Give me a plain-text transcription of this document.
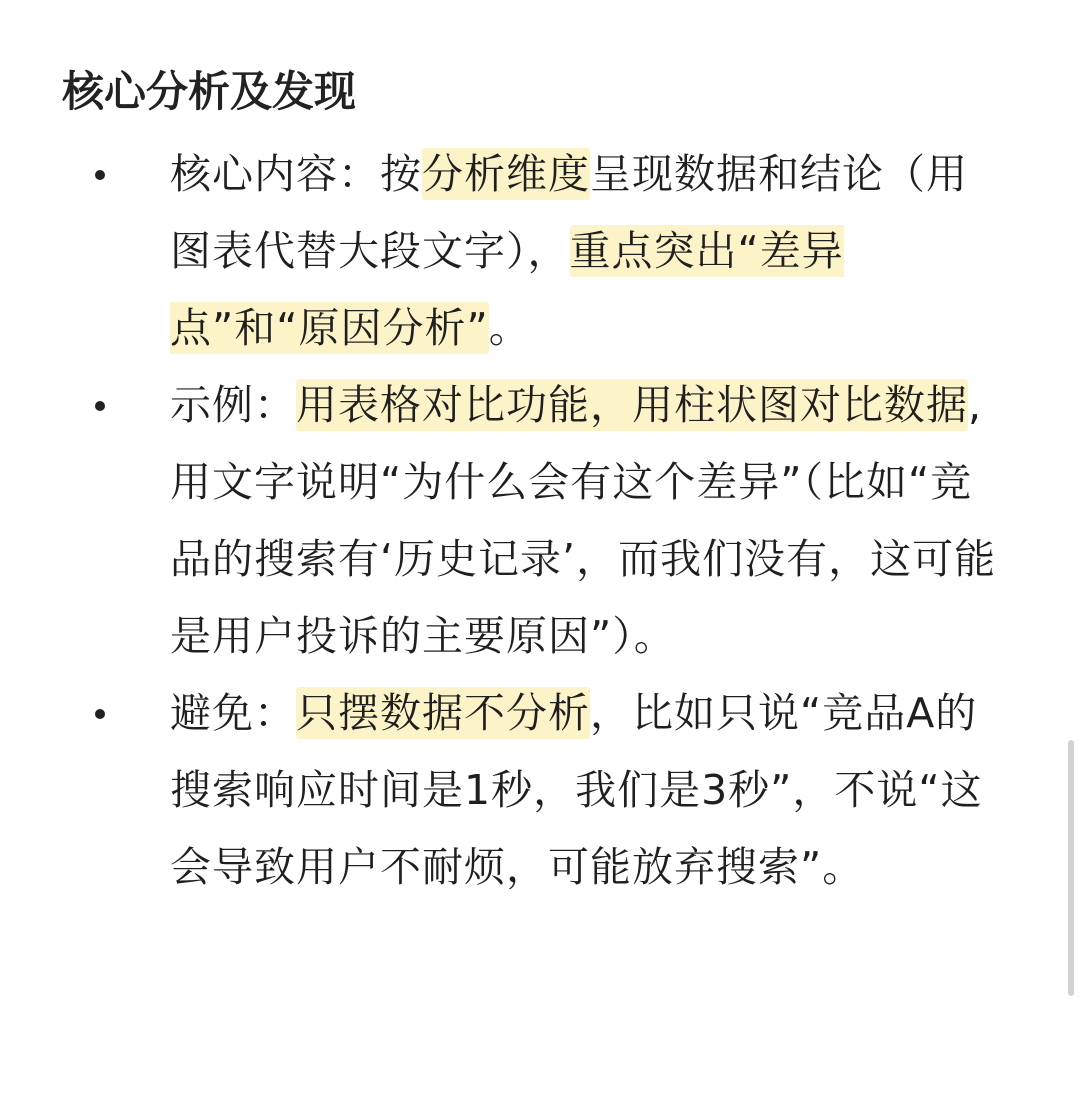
核心分析及发现
核心内容：按分析维度呈现数据和结论（用图表代替大段文字），重点突出“差异点”和“原因分析”。
示例：用表格对比功能，用柱状图对比数据,用文字说明“为什么会有这个差异”（比如“竞品的搜索有‘历史记录’，而我们没有，这可能是用户投诉的主要原因”）。
避免：只摆数据不分析，比如只说“竞品A的搜索响应时间是1秒，我们是3秒”，不说“这会导致用户不耐烦，可能放弃搜索”。
